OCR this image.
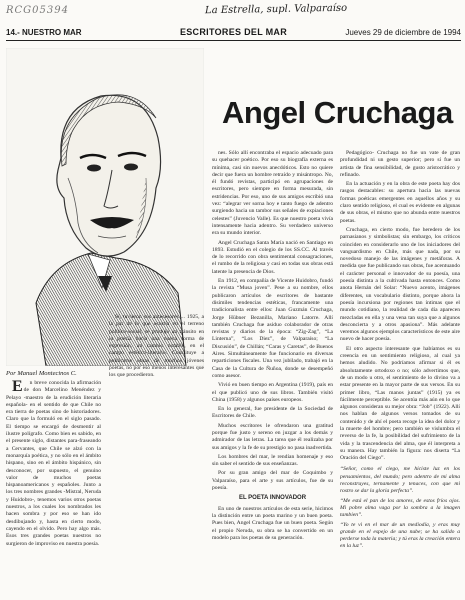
RCG05394	La Estrella, supl. Valparaíso
14.- NUESTRO MAR	ESCRITORES DEL MAR	Jueves 29 de diciembre de 1994
Por Manuel Montecinos C.
Angel Cruchaga

E n breve conocida la afirmación de don Marcelino Menéndez y Pelayo -maestro de la erudición literaria española- en el sentido de que Chile no era tierra de poetas sino de historiadores. Claro que la formuló en el siglo pasado. El tiempo se encargó de desmentir al ilustre polígrafo. Como bien es sabido, en el presente siglo, distantes para-fraseando a Cervantes, que Chile se alzó con la monarquía poética, y no sólo en el ámbito hispano, sino en el ámbito hispánico, sin desconocer, por supuesto, el genuino valor de muchos poetas hispanoamericanos y españoles. Junto a los tres nombres grandes -Mistral, Neruda y Huidobro-, tenemos varios otros poetas nuestros, a los cuales los nombrados les hacen sombra y por eso se han ido desdibujando y, hasta en cierto modo, cayendo en el olvido. Pero hay algo más. Esos tres grandes poetas nuestros no surgieron de improviso en nuestra poesía.

Sí, tuvieron sus antecesores ... 1925, a la par de lo que ocurría en el terreno político-social, se produjo un tránsito en la poesía hacia una nueva forma de expresión, un cambio notable, en el campo estético-literario. Constituye a publicarse obras de muchos jóvenes poetas, no por eso menos interesantes que los que procedieron.

nes. Sólo allí encontraba el espacio adecuado para su quehacer poético. Por eso su biografía externa es mínima, casi sin nuevos anecdóticos. Esto no quiere decir que fuera un hombre retraído y misántropo. No, él fundó revistas, participó en agrupaciones de escritores, pero siempre en forma mesurada, sin estridencias. Por eso, uno de sus amigos escribió una vez: “alegrar ver sorna hoy e tanto fuego de adentro surgiendo hacia un tambor sus señales de expiaciones celestes” (Juvencio Valle). Es que nuestro poeta vivía intensamente hacia adentro. Su verdadero universo era su mundo interior.

Angel Cruchaga Santa María nació en Santiago en 1893. Estudió en el colegio de los SS.CC. Al través de lo recorrido con obra sentimental consagraciones, el rumbo de la religiosa y casi en todas sus obras está latente la presencia de Dios.

En 1912, en compañía de Vicente Huidobro, fundó la revista “Musa joven”. Pese a su nombre, ellos publicaron artículos de escritores de bastante disímiles tendencias estéticas, francamente una tradicionalista entre ellos: Juan Guzmán Cruchaga, Jorge Hübner Bezanilla, Mariano Latorre. Allí también Cruchaga fue asiduo colaborador de otras revistas y diarios de la época: “Zig-Zag”, “La Linterna”, “Los Diez”, de Valparaíso; “La Discusión”, de Chillán; “Caras y Caretas”, de Buenos Aires. Simultáneamente fue funcionario en diversas reparticiones fiscales. Una vez jubilado, trabajó en la Casa de la Cultura de Ñuñoa, donde se desempeñó como asesor.

Vivió en buen tiempo en Argentina (1919), país en el que publicó uno de sus libros. También visitó China (1958) y algunos países europeos.

En lo general, fue presidente de la Sociedad de Escritores de Chile.

Muchos escritores le ofrendaron una gratitud porque fue justo y sereno en juzgar a los demás y admirador de las letras. La tarea que él realizaba por sus amigos y la fe de su prestigio no pasa inadvertida.

Los hombres del mar, le rendían homenaje y eso sin saber el sentido de sus enseñanzas.

Por su gran amigo del mar de Coquimbo y Valparaíso, para el arte y sus artículos, fue de su poesía.

EL POETA INNOVADOR

En uno de nuestros artículos de esta serie, hicimos la distinción entre un poeta marino y un buen poeta. Pues bien, Angel Cruchaga fue un buen poeta. Según el propio Neruda, su obra se ha convertido en un modelo para los poetas de su generación.

Pedagógico- Cruchaga no fue un vate de gran profundidad ni un gesto superior; pero sí fue un artista de fina sensibilidad, de gusto aristocrático y refinado.

En la actuación y en la obra de este poeta hay dos rasgos destacables: su apertura hacia las nuevas formas poéticas emergentes en aquellos años y su claro sentido religioso, el cual es evidente en algunas de sus obras, el mismo que no abunda entre nuestros poetas.

Cruchaga, en cierto modo, fue heredero de los parnasianos y simbolistas; sin embargo, los críticos coinciden en considerarlo uno de los iniciadores del vanguardismo en Chile, más que nada, por su novedoso manejo de las imágenes y metáforas. A medida que fue publicando sus obras, fue acentuando el carácter personal e innovador de su poesía, una poesía distinta a la cultivada hasta entonces. Como anota Hernán del Solar: “Nuevo acento, imágenes diferentes, un vocabulario distinto, porque ahora la poesía incursiona por regiones tan íntimas que el mundo cotidiano, la realidad de cada día aparecen mezcladas en ella y una vena tan suya que a algunos desconcierta y a otros apasiona”. Más adelante veremos algunos ejemplos característicos de este aire nuevo de hacer poesía.

El otro aspecto interesante que habíamos es su creencia en un sentimiento religioso, al cual ya hemos aludido. No podríamos afirmar si él es absolutamente ortodoxo o no; sólo advertimos que, de un modo u otro, el sentimiento de lo divino va a estar presente en la mayor parte de sus versos. En su primer libro, “Las manos juntas” (1915) ya es fácilmente perceptible. Se acentúa más aún en lo que algunos consideran su mejor obra: “Job” (1922). Allí nos hablan de algunos versos tomados de su contenido y de ahí el poeta recoge la idea del dolor y la muerte del hombre; pero también se vislumbra el reverso de la fe, la posibilidad del sufrimiento de la vida y la trascendencia del alma, que él interpreta a su manera. Hay también la figura: nos diserta “La Oración del Ciego”.

“Señor, como el ciego, me hiciste luz en los pensamientos, del mundo; pero adentro de mi alma reconstruyes, ternamente y tenaces, con que mi rostro se dar la gloria perfecta”.

“Me está el pan de los amores, de estos fríos ojos. Mi pobre alma vaga por la sombra a la imagen tambien”.

“Yo te vi en el mar de un mediodía, y eras muy grande en el espejo de una nube; se ha salido a perderse toda la materia; y tú eras la creación entera en la luz”.
